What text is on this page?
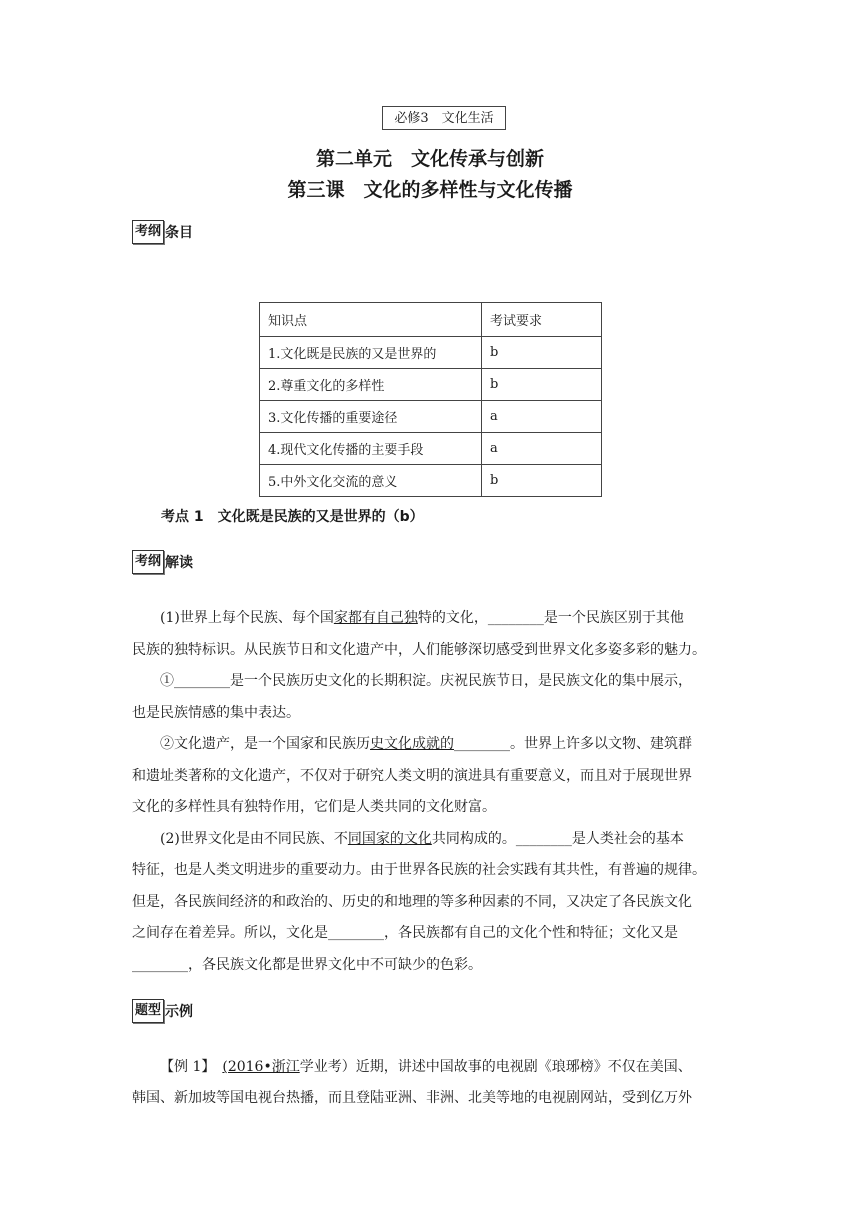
必修3　文化生活
第二单元　文化传承与创新
第三课　文化的多样性与文化传播
考纲 条目
知识点	考试要求
1.文化既是民族的又是世界的	b
2.尊重文化的多样性	b
3.文化传播的重要途径	a
4.现代文化传播的主要手段	a
5.中外文化交流的意义	b
考点 1　文化既是民族的又是世界的（b）
考纲 解读

(1)世界上每个民族、每个国家都有自己独特的文化，________是一个民族区别于其他

民族的独特标识。从民族节日和文化遗产中，人们能够深切感受到世界文化多姿多彩的魅力。

①________是一个民族历史文化的长期积淀。庆祝民族节日，是民族文化的集中展示，

也是民族情感的集中表达。

②文化遗产，是一个国家和民族历史文化成就的________。世界上许多以文物、建筑群

和遗址类著称的文化遗产，不仅对于研究人类文明的演进具有重要意义，而且对于展现世界

文化的多样性具有独特作用，它们是人类共同的文化财富。

(2)世界文化是由不同民族、不同国家的文化共同构成的。________是人类社会的基本

特征，也是人类文明进步的重要动力。由于世界各民族的社会实践有其共性，有普遍的规律。

但是，各民族间经济的和政治的、历史的和地理的等多种因素的不同，又决定了各民族文化

之间存在着差异。所以，文化是________，各民族都有自己的文化个性和特征；文化又是

________，各民族文化都是世界文化中不可缺少的色彩。

题型 示例

【例 1】　 (2016•浙江学业考）近期，讲述中国故事的电视剧《琅琊榜》不仅在美国、

韩国、新加坡等国电视台热播，而且登陆亚洲、非洲、北美等地的电视剧网站，受到亿万外
